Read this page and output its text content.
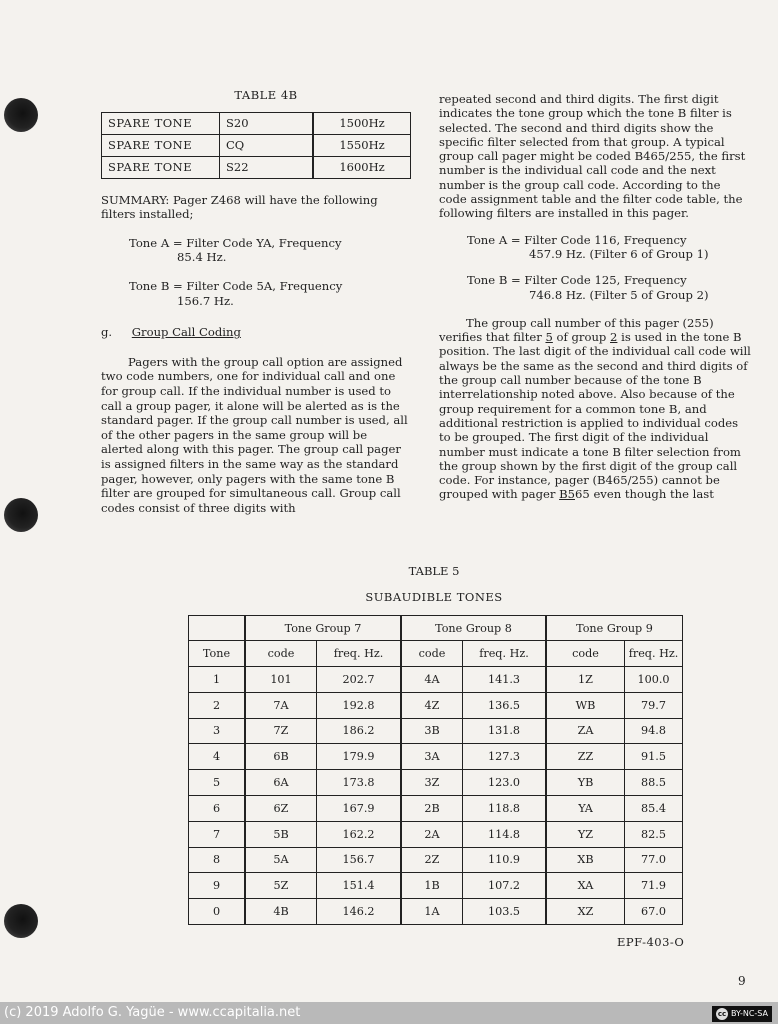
TABLE 4B
SPARE TONE	S20	1500Hz
SPARE TONE	CQ	1550Hz
SPARE TONE	S22	1600Hz
SUMMARY: Pager Z468 will have the following filters installed;
Tone A = Filter Code YA, Frequency
85.4 Hz.
Tone B = Filter Code 5A, Frequency
156.7 Hz.
g. Group Call Coding
Pagers with the group call option are assigned two code numbers, one for individual call and one for group call. If the individual number is used to call a group pager, it alone will be alerted as is the standard pager. If the group call number is used, all of the other pagers in the same group will be alerted along with this pager. The group call pager is assigned filters in the same way as the standard pager, however, only pagers with the same tone B filter are grouped for simultaneous call. Group call codes consist of three digits with
repeated second and third digits. The first digit indicates the tone group which the tone B filter is selected. The second and third digits show the specific filter selected from that group. A typical group call pager might be coded B465/255, the first number is the individual call code and the next number is the group call code. According to the code assignment table and the filter code table, the following filters are installed in this pager.
Tone A = Filter Code 116, Frequency
457.9 Hz. (Filter 6 of Group 1)
Tone B = Filter Code 125, Frequency
746.8 Hz. (Filter 5 of Group 2)
The group call number of this pager (255) verifies that filter 5 of group 2 is used in the tone B position. The last digit of the individual call code will always be the same as the second and third digits of the group call number because of the tone B interrelationship noted above. Also because of the group requirement for a common tone B, and additional restriction is applied to individual codes to be grouped. The first digit of the individual number must indicate a tone B filter selection from the group shown by the first digit of the group call code. For instance, pager (B465/255) cannot be grouped with pager B565 even though the last
TABLE 5
SUBAUDIBLE TONES
	Tone Group 7		Tone Group 8		Tone Group 9	
Tone	code	freq. Hz.	code	freq. Hz.	code	freq. Hz.
1	101	202.7	4A	141.3	1Z	100.0
2	7A	192.8	4Z	136.5	WB	79.7
3	7Z	186.2	3B	131.8	ZA	94.8
4	6B	179.9	3A	127.3	ZZ	91.5
5	6A	173.8	3Z	123.0	YB	88.5
6	6Z	167.9	2B	118.8	YA	85.4
7	5B	162.2	2A	114.8	YZ	82.5
8	5A	156.7	2Z	110.9	XB	77.0
9	5Z	151.4	1B	107.2	XA	71.9
0	4B	146.2	1A	103.5	XZ	67.0
EPF-403-O
9
(c) 2019 Adolfo G. Yagüe - www.ccapitalia.net	cc BY-NC-SA
